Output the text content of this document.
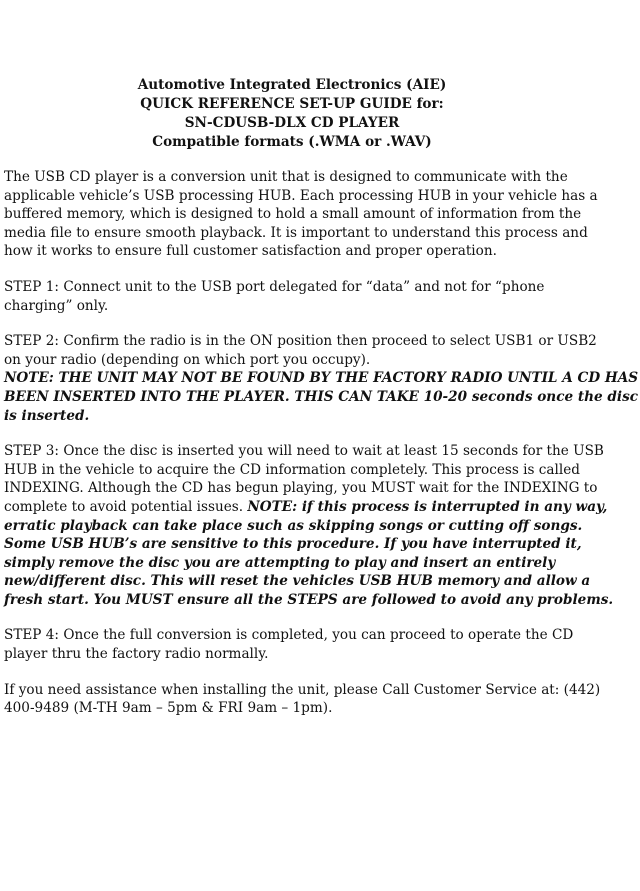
Automotive Integrated Electronics (AIE)
QUICK REFERENCE SET-UP GUIDE for:
SN-CDUSB-DLX CD PLAYER
Compatible formats (.WMA or .WAV)
The USB CD player is a conversion unit that is designed to communicate with the
applicable vehicle’s USB processing HUB. Each processing HUB in your vehicle has a
buffered memory, which is designed to hold a small amount of information from the
media file to ensure smooth playback. It is important to understand this process and
how it works to ensure full customer satisfaction and proper operation.
STEP 1: Connect unit to the USB port delegated for “data” and not for “phone
charging” only.
STEP 2: Confirm the radio is in the ON position then proceed to select USB1 or USB2
on your radio (depending on which port you occupy).
NOTE: THE UNIT MAY NOT BE FOUND BY THE FACTORY RADIO UNTIL A CD HAS
BEEN INSERTED INTO THE PLAYER. THIS CAN TAKE 10-20 seconds once the disc
is inserted.
STEP 3: Once the disc is inserted you will need to wait at least 15 seconds for the USB
HUB in the vehicle to acquire the CD information completely. This process is called
INDEXING. Although the CD has begun playing, you MUST wait for the INDEXING to
complete to avoid potential issues. NOTE: if this process is interrupted in any way,
erratic playback can take place such as skipping songs or cutting off songs.
Some USB HUB’s are sensitive to this procedure. If you have interrupted it,
simply remove the disc you are attempting to play and insert an entirely
new/different disc. This will reset the vehicles USB HUB memory and allow a
fresh start. You MUST ensure all the STEPS are followed to avoid any problems.
STEP 4: Once the full conversion is completed, you can proceed to operate the CD
player thru the factory radio normally.
If you need assistance when installing the unit, please Call Customer Service at: (442)
400-9489 (M-TH 9am – 5pm & FRI 9am – 1pm).
